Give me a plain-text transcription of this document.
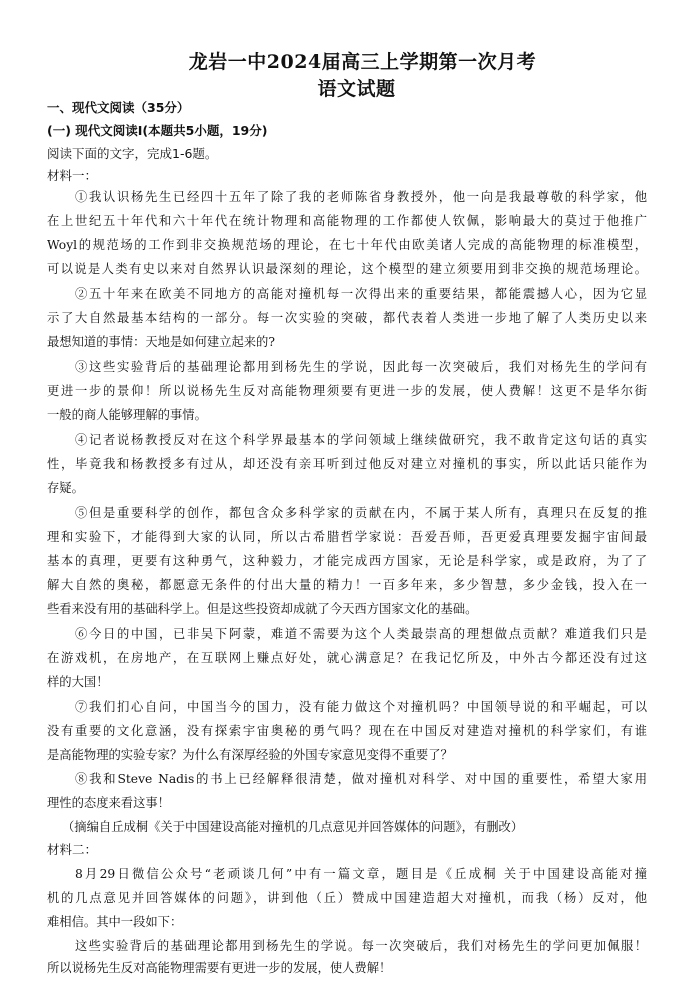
龙岩一中2024届高三上学期第一次月考
语文试题
一、现代文阅读（35分）
(一) 现代文阅读Ⅰ(本题共5小题，19分)
阅读下面的文字，完成1-6题。
材料一：
①我认识杨先生已经四十五年了除了我的老师陈省身教授外，他一向是我最尊敬的科学家，他
在上世纪五十年代和六十年代在统计物理和高能物理的工作都使人钦佩，影响最大的莫过于他推广
Woyl的规范场的工作到非交换规范场的理论，在七十年代由欧美诸人完成的高能物理的标准模型，
可以说是人类有史以来对自然界认识最深刻的理论，这个模型的建立须要用到非交换的规范场理论。
②五十年来在欧美不同地方的高能对撞机每一次得出来的重要结果，都能震撼人心，因为它显
示了大自然最基本结构的一部分。每一次实验的突破，都代表着人类进一步地了解了人类历史以来
最想知道的事情：天地是如何建立起来的?
③这些实验背后的基础理论都用到杨先生的学说，因此每一次突破后，我们对杨先生的学问有
更进一步的景仰！所以说杨先生反对高能物理须要有更进一步的发展，使人费解！这更不是华尔街
一般的商人能够理解的事情。
④记者说杨教授反对在这个科学界最基本的学问领域上继续做研究，我不敢肯定这句话的真实
性，毕竟我和杨教授多有过从，却还没有亲耳听到过他反对建立对撞机的事实，所以此话只能作为
存疑。
⑤但是重要科学的创作，都包含众多科学家的贡献在内，不属于某人所有，真理只在反复的推
理和实验下，才能得到大家的认同，所以古希腊哲学家说：吾爱吾师，吾更爱真理要发掘宇宙间最
基本的真理，更要有这种勇气，这种毅力，才能完成西方国家，无论是科学家，或是政府，为了了
解大自然的奥秘，都愿意无条件的付出大量的精力！一百多年来，多少智慧，多少金钱，投入在一
些看来没有用的基础科学上。但是这些投资却成就了今天西方国家文化的基础。
⑥今日的中国，已非吴下阿蒙，难道不需要为这个人类最崇高的理想做点贡献？难道我们只是
在游戏机，在房地产，在互联网上赚点好处，就心满意足？在我记忆所及，中外古今都还没有过这
样的大国！
⑦我们扪心自问，中国当今的国力，没有能力做这个对撞机吗？中国领导说的和平崛起，可以
没有重要的文化意涵，没有探索宇宙奥秘的勇气吗？现在在中国反对建造对撞机的科学家们，有谁
是高能物理的实验专家？为什么有深厚经验的外国专家意见变得不重要了？
⑧我和Steve Nadis的书上已经解释很清楚，做对撞机对科学、对中国的重要性，希望大家用
理性的态度来看这事！
（摘编自丘成桐《关于中国建设高能对撞机的几点意见并回答媒体的问题》，有删改）
材料二：
8月29日微信公众号“老顽谈几何”中有一篇文章，题目是《丘成桐 关于中国建设高能对撞
机的几点意见并回答媒体的问题》，讲到他（丘）赞成中国建造超大对撞机，而我（杨）反对，他
难相信。其中一段如下：
这些实验背后的基础理论都用到杨先生的学说。每一次突破后，我们对杨先生的学问更加佩服！
所以说杨先生反对高能物理需要有更进一步的发展，使人费解！
